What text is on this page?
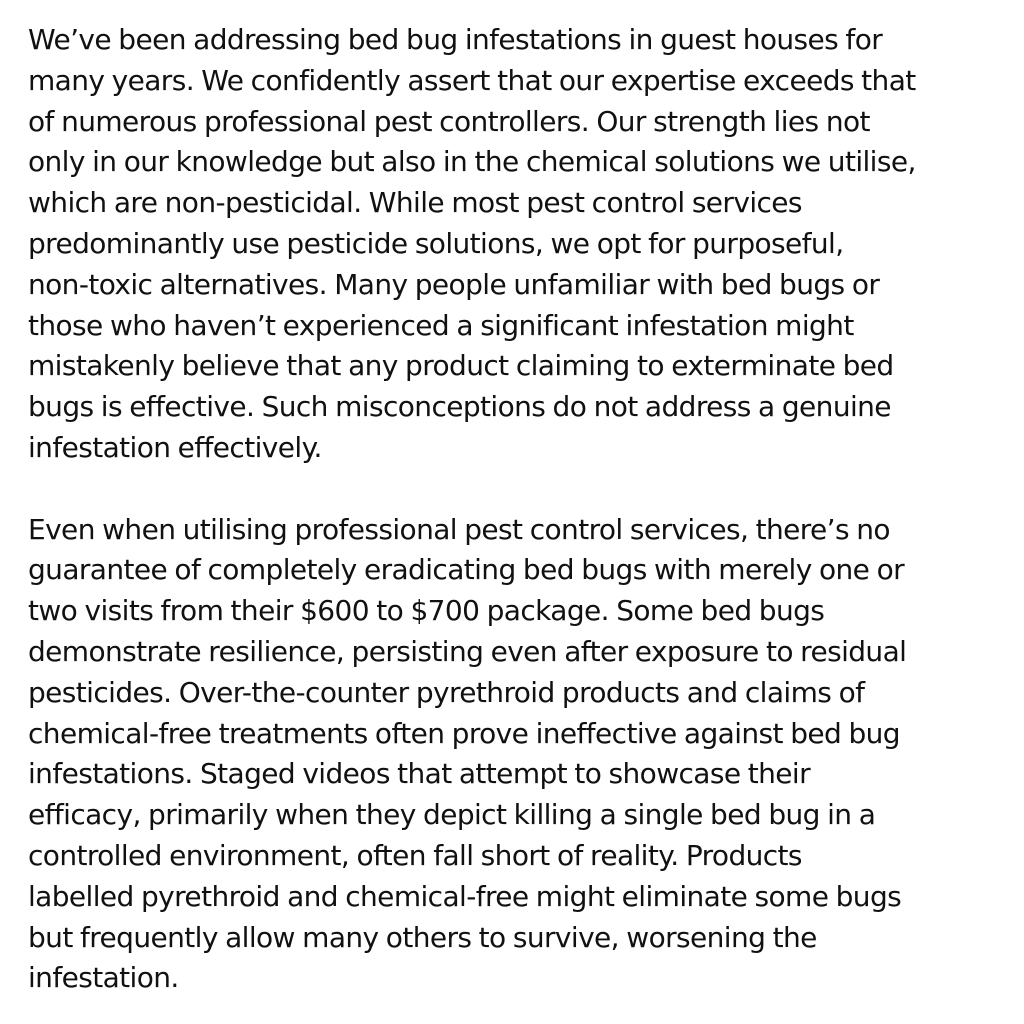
We’ve been addressing bed bug infestations in guest houses for
many years. We confidently assert that our expertise exceeds that
of numerous professional pest controllers. Our strength lies not
only in our knowledge but also in the chemical solutions we utilise,
which are non-pesticidal. While most pest control services
predominantly use pesticide solutions, we opt for purposeful,
non-toxic alternatives. Many people unfamiliar with bed bugs or
those who haven’t experienced a significant infestation might
mistakenly believe that any product claiming to exterminate bed
bugs is effective. Such misconceptions do not address a genuine
infestation effectively.
Even when utilising professional pest control services, there’s no
guarantee of completely eradicating bed bugs with merely one or
two visits from their $600 to $700 package. Some bed bugs
demonstrate resilience, persisting even after exposure to residual
pesticides. Over-the-counter pyrethroid products and claims of
chemical-free treatments often prove ineffective against bed bug
infestations. Staged videos that attempt to showcase their
efficacy, primarily when they depict killing a single bed bug in a
controlled environment, often fall short of reality. Products
labelled pyrethroid and chemical-free might eliminate some bugs
but frequently allow many others to survive, worsening the
infestation.
